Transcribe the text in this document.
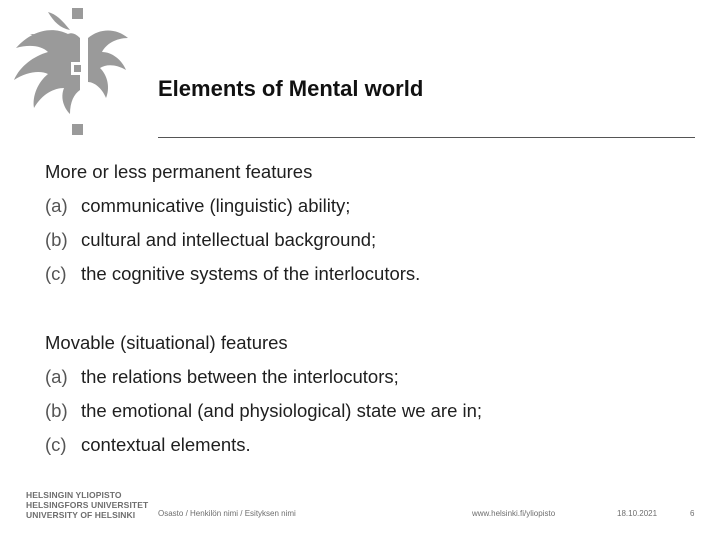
Elements of Mental world
More or less permanent features
(a) communicative (linguistic) ability;
(b) cultural and intellectual background;
(c) the cognitive systems of the interlocutors.
Movable (situational) features
(a) the relations between the interlocutors;
(b) the emotional (and physiological) state we are in;
(c) contextual elements.
HELSINGIN YLIOPISTO
HELSINGFORS UNIVERSITET
UNIVERSITY OF HELSINKI	Osasto / Henkilön nimi / Esityksen nimi	www.helsinki.fi/yliopisto	18.10.2021	6
